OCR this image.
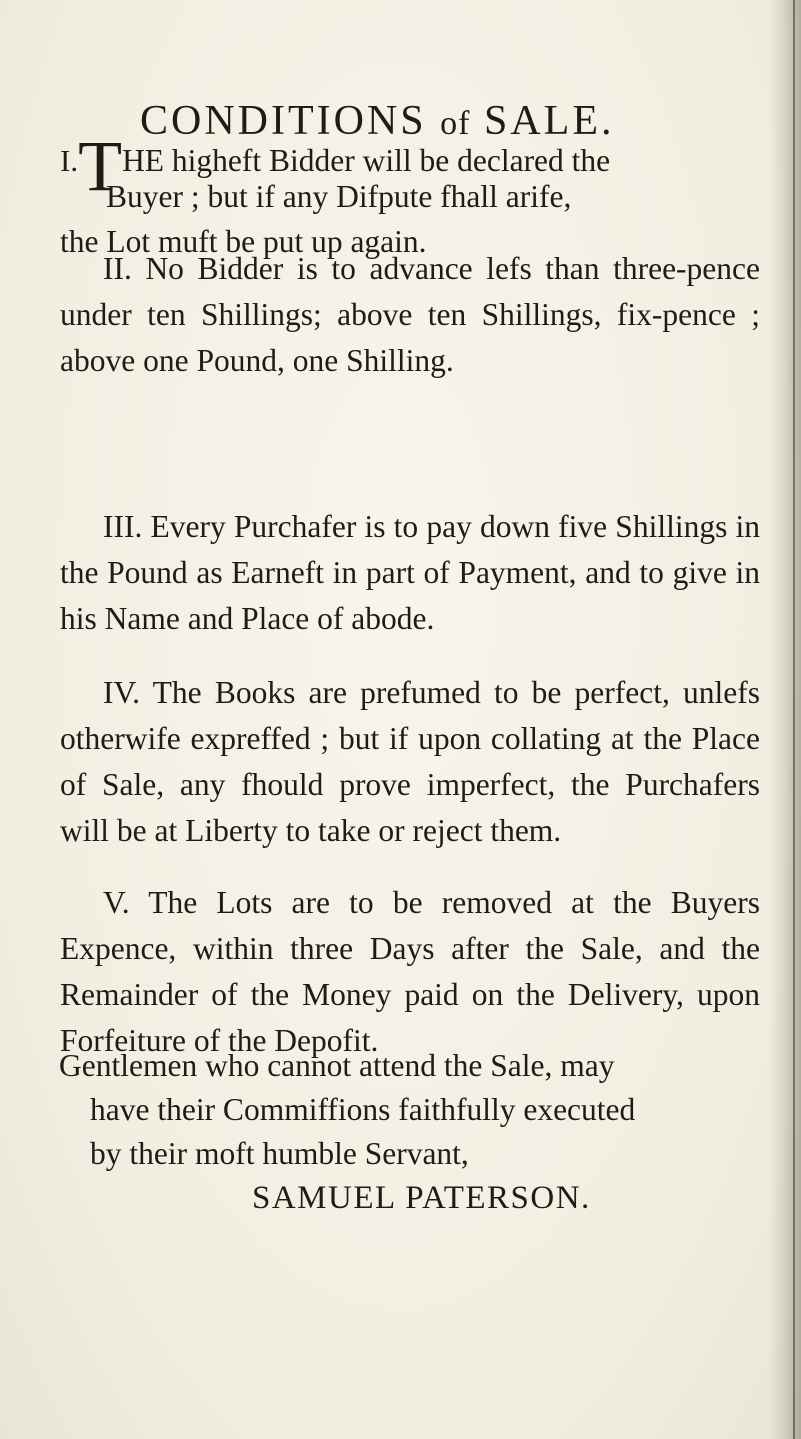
CONDITIONS of SALE.
I.THE higheft Bidder will be declared the
Buyer ; but if any Difpute fhall arife,
the Lot muft be put up again.

II. No Bidder is to advance lefs than three-pence under ten Shillings; above ten Shillings, fix-pence ; above one Pound, one Shilling.

III. Every Purchafer is to pay down five Shillings in the Pound as Earneft in part of Payment, and to give in his Name and Place of abode.

IV. The Books are prefumed to be perfect, unlefs otherwife expreffed ; but if upon collating at the Place of Sale, any fhould prove imperfect, the Purchafers will be at Liberty to take or reject them.

V. The Lots are to be removed at the Buyers Expence, within three Days after the Sale, and the Remainder of the Money paid on the Delivery, upon Forfeiture of the Depofit.

Gentlemen who cannot attend the Sale, may
have their Commiffions faithfully executed
by their moft humble Servant,
SAMUEL PATERSON.
